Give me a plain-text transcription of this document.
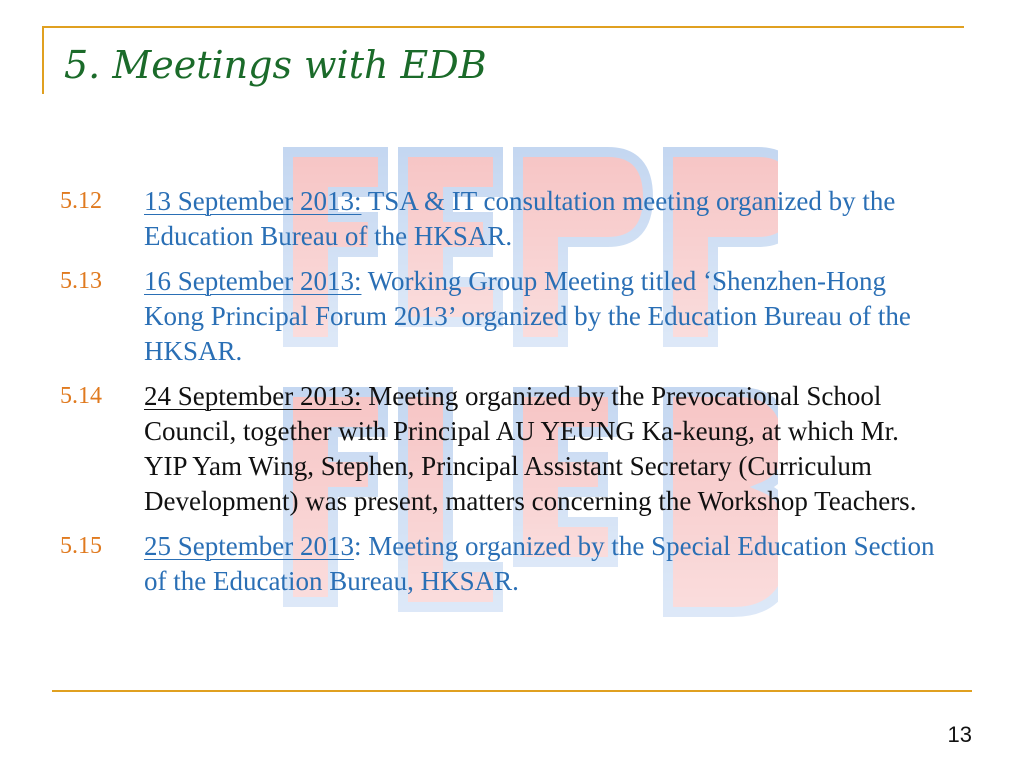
5. Meetings with EDB
5.12	13 September 2013: TSA & IT consultation meeting organized by the Education Bureau of the HKSAR.
5.13	16 September 2013: Working Group Meeting titled ‘Shenzhen-Hong Kong Principal Forum 2013’ organized by the Education Bureau of the HKSAR.
5.14	24 September 2013: Meeting organized by the Prevocational School Council, together with Principal AU YEUNG Ka-keung, at which Mr. YIP Yam Wing, Stephen, Principal Assistant Secretary (Curriculum Development) was present, matters concerning the Workshop Teachers.
5.15	25 September 2013: Meeting organized by the Special Education Section of the Education Bureau, HKSAR.
13
